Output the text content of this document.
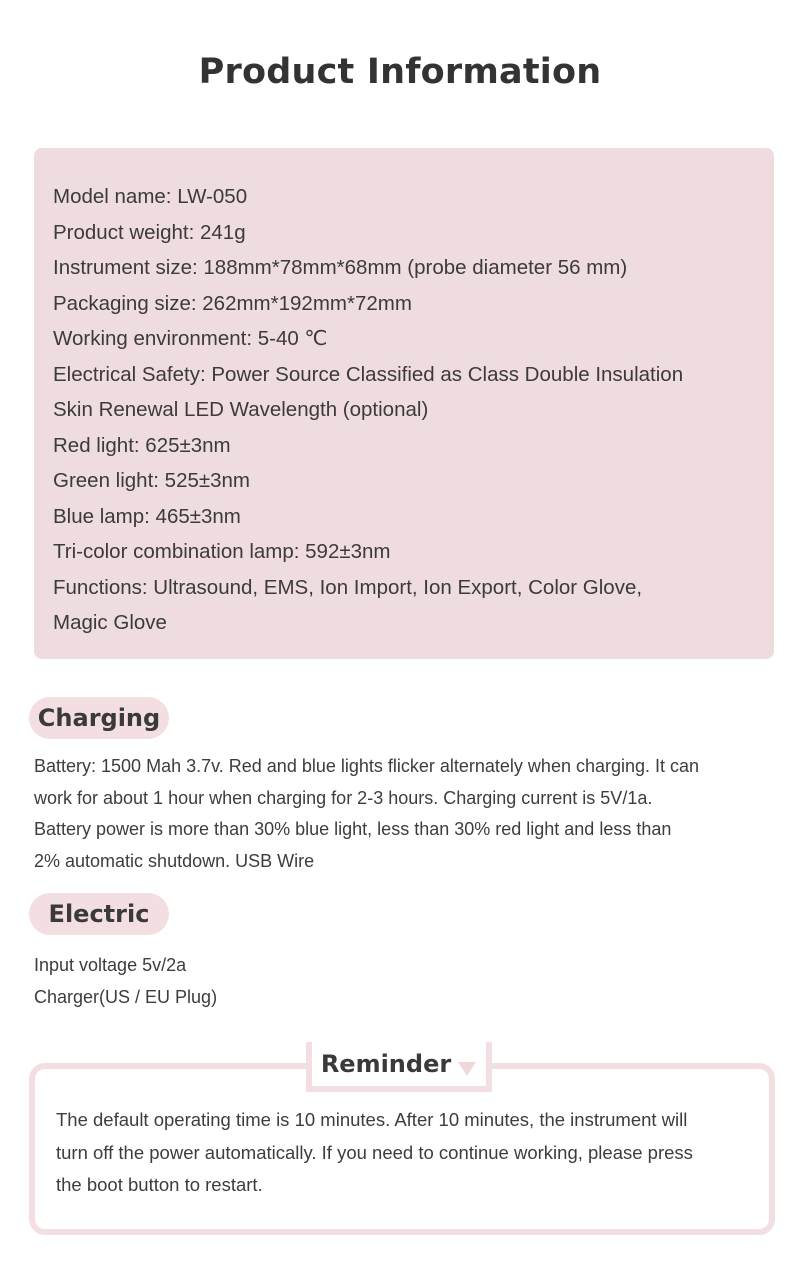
Product Information
Model name: LW-050
Product weight: 241g
Instrument size: 188mm*78mm*68mm (probe diameter 56 mm)
Packaging size: 262mm*192mm*72mm
Working environment: 5-40 ℃
Electrical Safety: Power Source Classified as Class Double Insulation
Skin Renewal LED Wavelength (optional)
Red light: 625±3nm
Green light: 525±3nm
Blue lamp: 465±3nm
Tri-color combination lamp: 592±3nm
Functions: Ultrasound, EMS, Ion Import, Ion Export, Color Glove,
Magic Glove
Charging
Battery: 1500 Mah 3.7v. Red and blue lights flicker alternately when charging. It can
work for about 1 hour when charging for 2-3 hours. Charging current is 5V/1a.
Battery power is more than 30% blue light, less than 30% red light and less than
2% automatic shutdown. USB Wire
Electric
Input voltage 5v/2a
Charger(US / EU Plug)
Reminder
The default operating time is 10 minutes. After 10 minutes, the instrument will
turn off the power automatically. If you need to continue working, please press
the boot button to restart.
